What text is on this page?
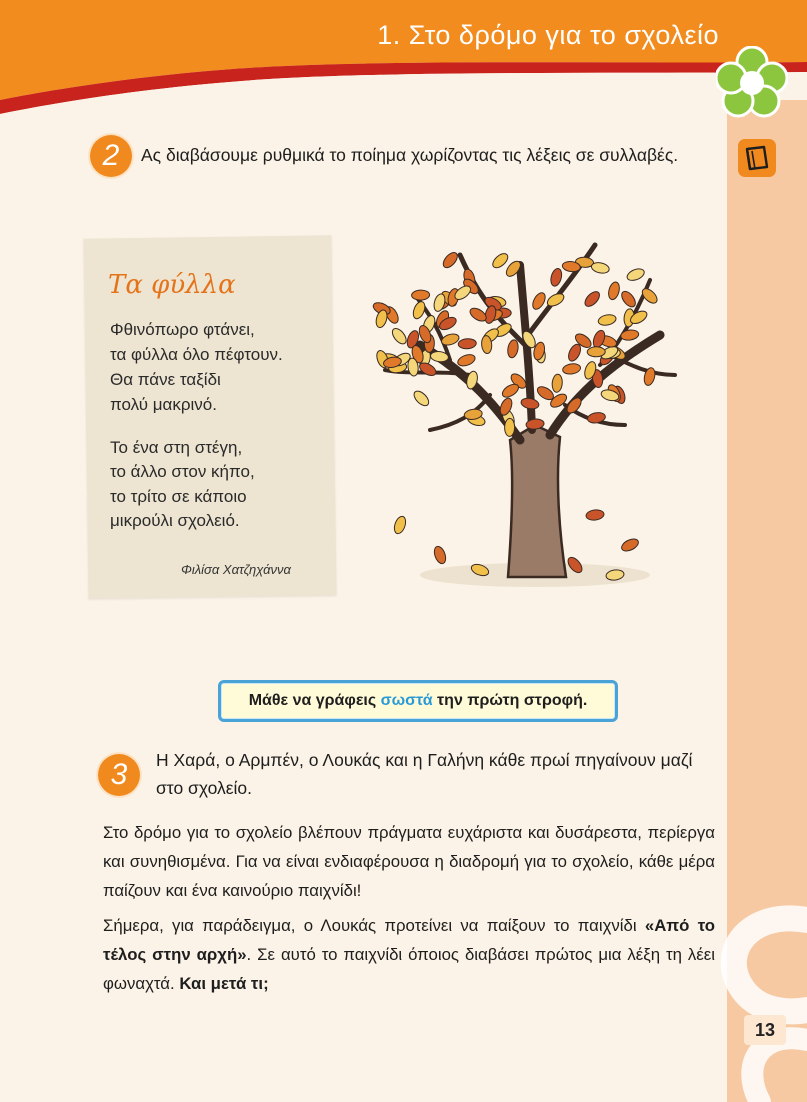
1. Στο δρόμο για το σχολείο
2	Ας διαβάσουμε ρυθμικά το ποίημα χωρίζοντας τις λέξεις σε συλλαβές.
Τα φύλλα
Φθινόπωρο φτάνει,
τα φύλλα όλο πέφτουν.
Θα πάνε ταξίδι
πολύ μακρινό.
Το ένα στη στέγη,
το άλλο στον κήπο,
το τρίτο σε κάποιο
μικρούλι σχολειό.
Φιλίσα Χατζηχάννα
Μάθε να γράφεις σωστά την πρώτη στροφή.
3	Η Χαρά, ο Αρμπέν, ο Λουκάς και η Γαλήνη κάθε πρωί πηγαίνουν μαζί στο σχολείο.
Στο δρόμο για το σχολείο βλέπουν πράγματα ευχάριστα και δυσάρεστα, περίεργα και συνηθισμένα. Για να είναι ενδιαφέρουσα η διαδρομή για το σχολείο, κάθε μέρα παίζουν και ένα καινούριο παιχνίδι!
Σήμερα, για παράδειγμα, ο Λουκάς προτείνει να παίξουν το παιχνίδι «Από το τέλος στην αρχή». Σε αυτό το παιχνίδι όποιος διαβάσει πρώτος μια λέξη τη λέει φωναχτά. Και μετά τι;
13
